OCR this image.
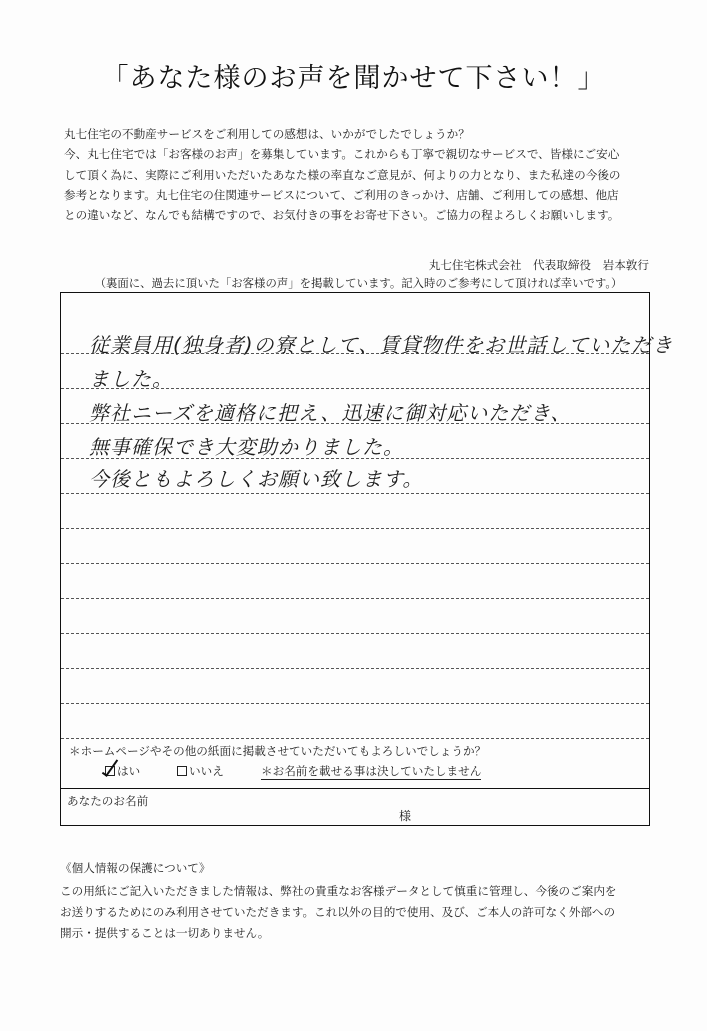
「あなた様のお声を聞かせて下さい！」

丸七住宅の不動産サービスをご利用しての感想は、いかがでしたでしょうか？

今、丸七住宅では「お客様のお声」を募集しています。これからも丁寧で親切なサービスで、皆様にご安心

して頂く為に、実際にご利用いただいたあなた様の率直なご意見が、何よりの力となり、また私達の今後の

参考となります。丸七住宅の住関連サービスについて、ご利用のきっかけ、店舗、ご利用しての感想、他店

との違いなど、なんでも結構ですので、お気付きの事をお寄せ下さい。ご協力の程よろしくお願いします。

丸七住宅株式会社　代表取締役　岩本敦行
（裏面に、過去に頂いた「お客様の声」を掲載しています。記入時のご参考にして頂ければ幸いです。）
従業員用(独身者)の寮として、賃貸物件をお世話していただき
ました。
弊社ニーズを適格に把え、迅速に御対応いただき、
無事確保でき大変助かりました。
今後ともよろしくお願い致します。
＊ホームページやその他の紙面に掲載させていただいてもよろしいでしょうか？
はい	いいえ	＊お名前を載せる事は決していたしません
あなたのお名前
様

《個人情報の保護について》

この用紙にご記入いただきました情報は、弊社の貴重なお客様データとして慎重に管理し、今後のご案内を

お送りするためにのみ利用させていただきます。これ以外の目的で使用、及び、ご本人の許可なく外部への

開示・提供することは一切ありません。
